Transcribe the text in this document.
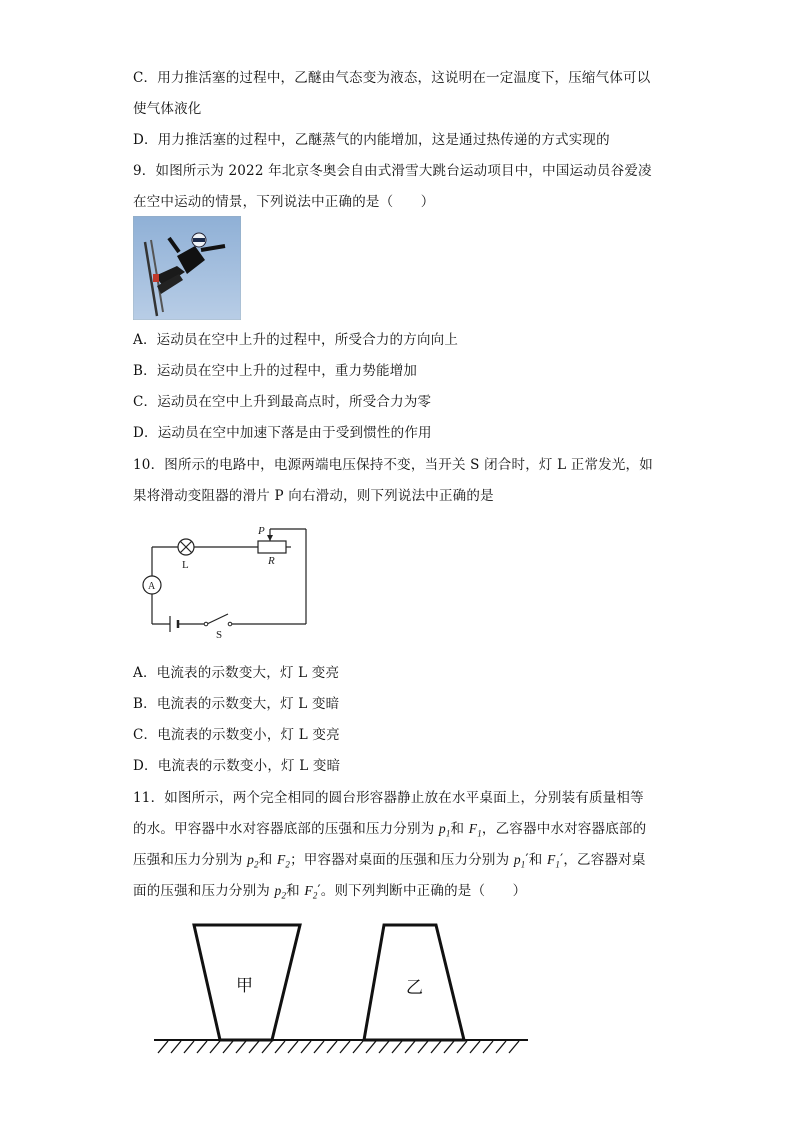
C．用力推活塞的过程中，乙醚由气态变为液态，这说明在一定温度下，压缩气体可以
使气体液化
D．用力推活塞的过程中，乙醚蒸气的内能增加，这是通过热传递的方式实现的
9．如图所示为 2022 年北京冬奥会自由式滑雪大跳台运动项目中，中国运动员谷爱凌
在空中运动的情景，下列说法中正确的是（　　）
A．运动员在空中上升的过程中，所受合力的方向向上
B．运动员在空中上升的过程中，重力势能增加
C．运动员在空中上升到最高点时，所受合力为零
D．运动员在空中加速下落是由于受到惯性的作用
10．图所示的电路中，电源两端电压保持不变，当开关 S 闭合时，灯 L 正常发光，如
果将滑动变阻器的滑片 P 向右滑动，则下列说法中正确的是
L
A
P
R
S
A．电流表的示数变大，灯 L 变亮
B．电流表的示数变大，灯 L 变暗
C．电流表的示数变小，灯 L 变亮
D．电流表的示数变小，灯 L 变暗
11．如图所示，两个完全相同的圆台形容器静止放在水平桌面上，分别装有质量相等
的水。甲容器中水对容器底部的压强和压力分别为 $p_1$和 $F_1$，乙容器中水对容器底部的
压强和压力分别为 $p_2$和 $F_2$；甲容器对桌面的压强和压力分别为 $p_1'$和 $F_1'$，乙容器对桌
面的压强和压力分别为 $p_2$和 $F_2'$。则下列判断中正确的是（　　）
甲	乙
